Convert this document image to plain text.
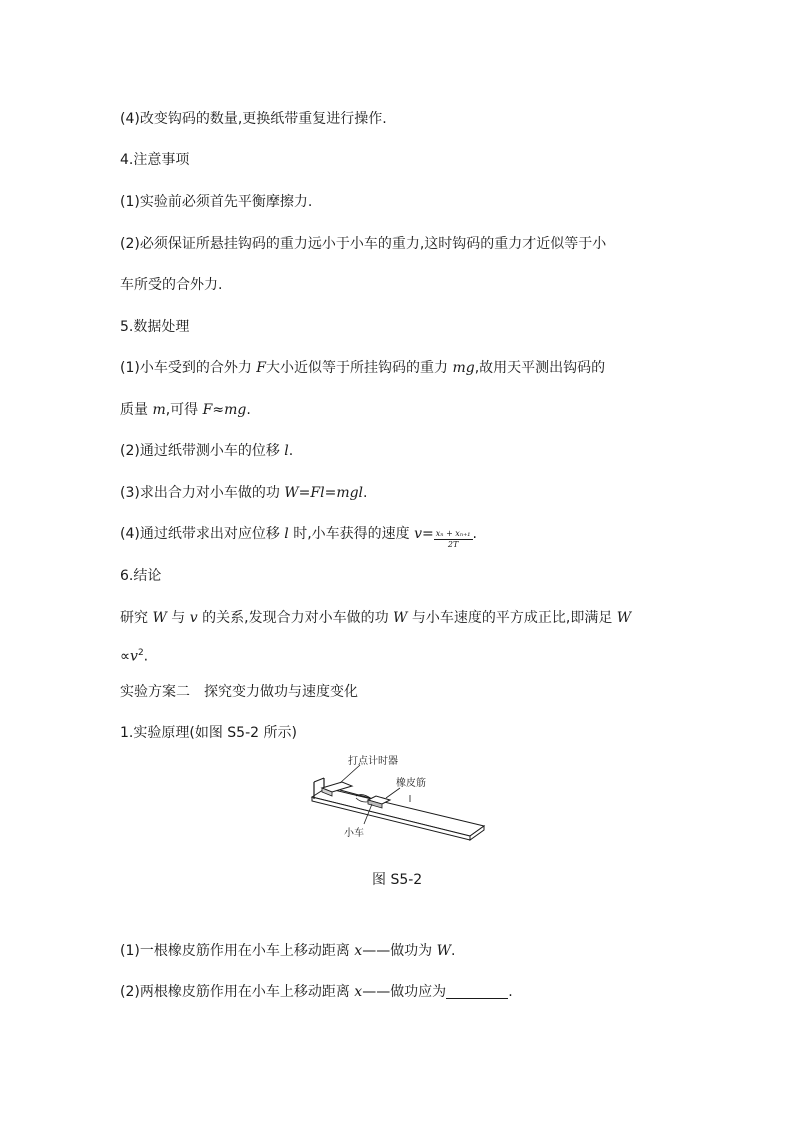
(4)改变钩码的数量,更换纸带重复进行操作.
4.注意事项
(1)实验前必须首先平衡摩擦力.
(2)必须保证所悬挂钩码的重力远小于小车的重力,这时钩码的重力才近似等于小
车所受的合外力.
5.数据处理
(1)小车受到的合外力 F大小近似等于所挂钩码的重力 mg,故用天平测出钩码的
质量 m,可得 F≈mg.
(2)通过纸带测小车的位移 l.
(3)求出合力对小车做的功 W=Fl=mgl.
(4)通过纸带求出对应位移 l 时,小车获得的速度 $v= \frac{\text{xₙ + xₙ₊₁}}{2T}$ .
6.结论
研究 W 与 v 的关系,发现合力对小车做的功 W 与小车速度的平方成正比,即满足 W
$\propto v^2$.
实验方案二　探究变力做功与速度变化
1.实验原理(如图 S5-2 所示)
打点计时器
橡皮筋
小车
图 S5-2
(1)一根橡皮筋作用在小车上移动距离 x——做功为 W.
(2)两根橡皮筋作用在小车上移动距离 x——做功应为	.
